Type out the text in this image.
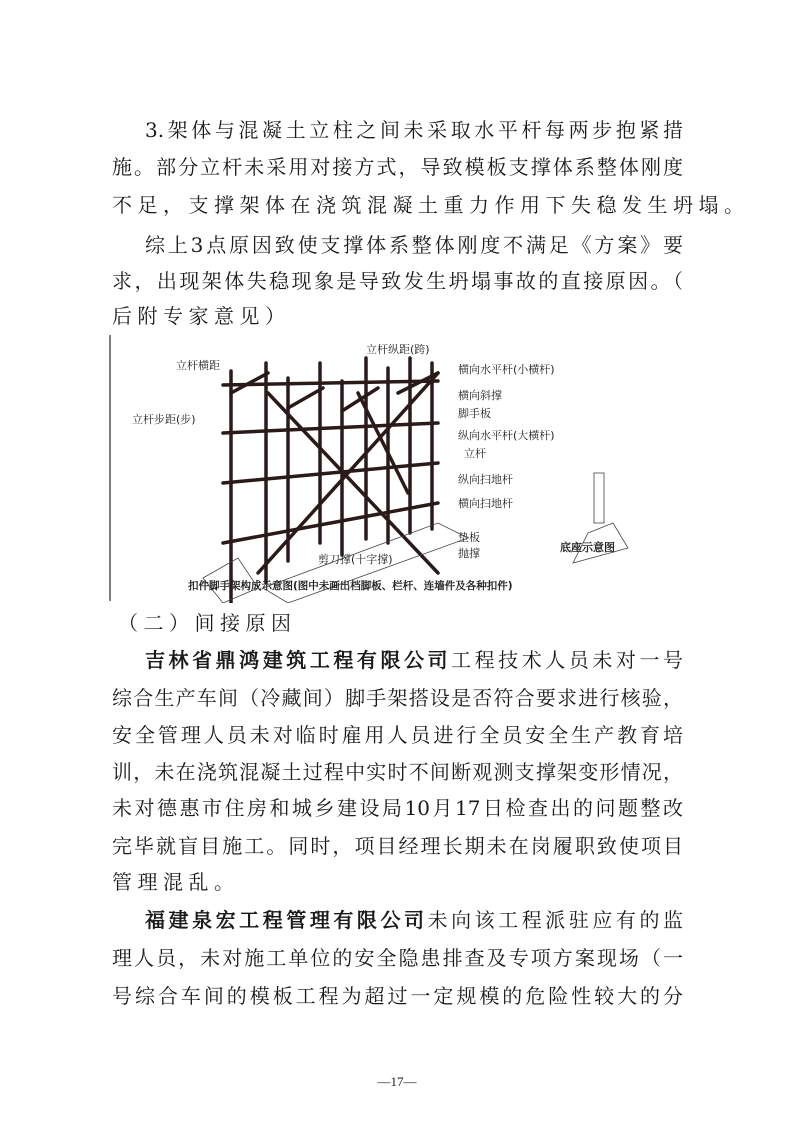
3.架体与混凝土立柱之间未采取水平杆每两步抱紧措
施。部分立杆未采用对接方式，导致模板支撑体系整体刚度
不足，支撑架体在浇筑混凝土重力作用下失稳发生坍塌。
综上3点原因致使支撑体系整体刚度不满足《方案》要
求，出现架体失稳现象是导致发生坍塌事故的直接原因。（
后附专家意见）
立杆横距
立杆纵距(跨)
横向水平杆(小横杆)
横向斜撑
脚手板
立杆步距(步)
纵向水平杆(大横杆)
立杆
纵向扫地杆
横向扫地杆
垫板
抛撑
剪刀撑(十字撑)
底座示意图
扣件脚手架构成示意图(图中未画出档脚板、栏杆、连墙件及各种扣件)
（二）间接原因
吉林省鼎鸿建筑工程有限公司工程技术人员未对一号
综合生产车间（冷藏间）脚手架搭设是否符合要求进行核验，
安全管理人员未对临时雇用人员进行全员安全生产教育培
训，未在浇筑混凝土过程中实时不间断观测支撑架变形情况，
未对德惠市住房和城乡建设局10月17日检查出的问题整改
完毕就盲目施工。同时，项目经理长期未在岗履职致使项目
管理混乱。
福建泉宏工程管理有限公司未向该工程派驻应有的监
理人员，未对施工单位的安全隐患排查及专项方案现场（一
号综合车间的模板工程为超过一定规模的危险性较大的分
—17—
